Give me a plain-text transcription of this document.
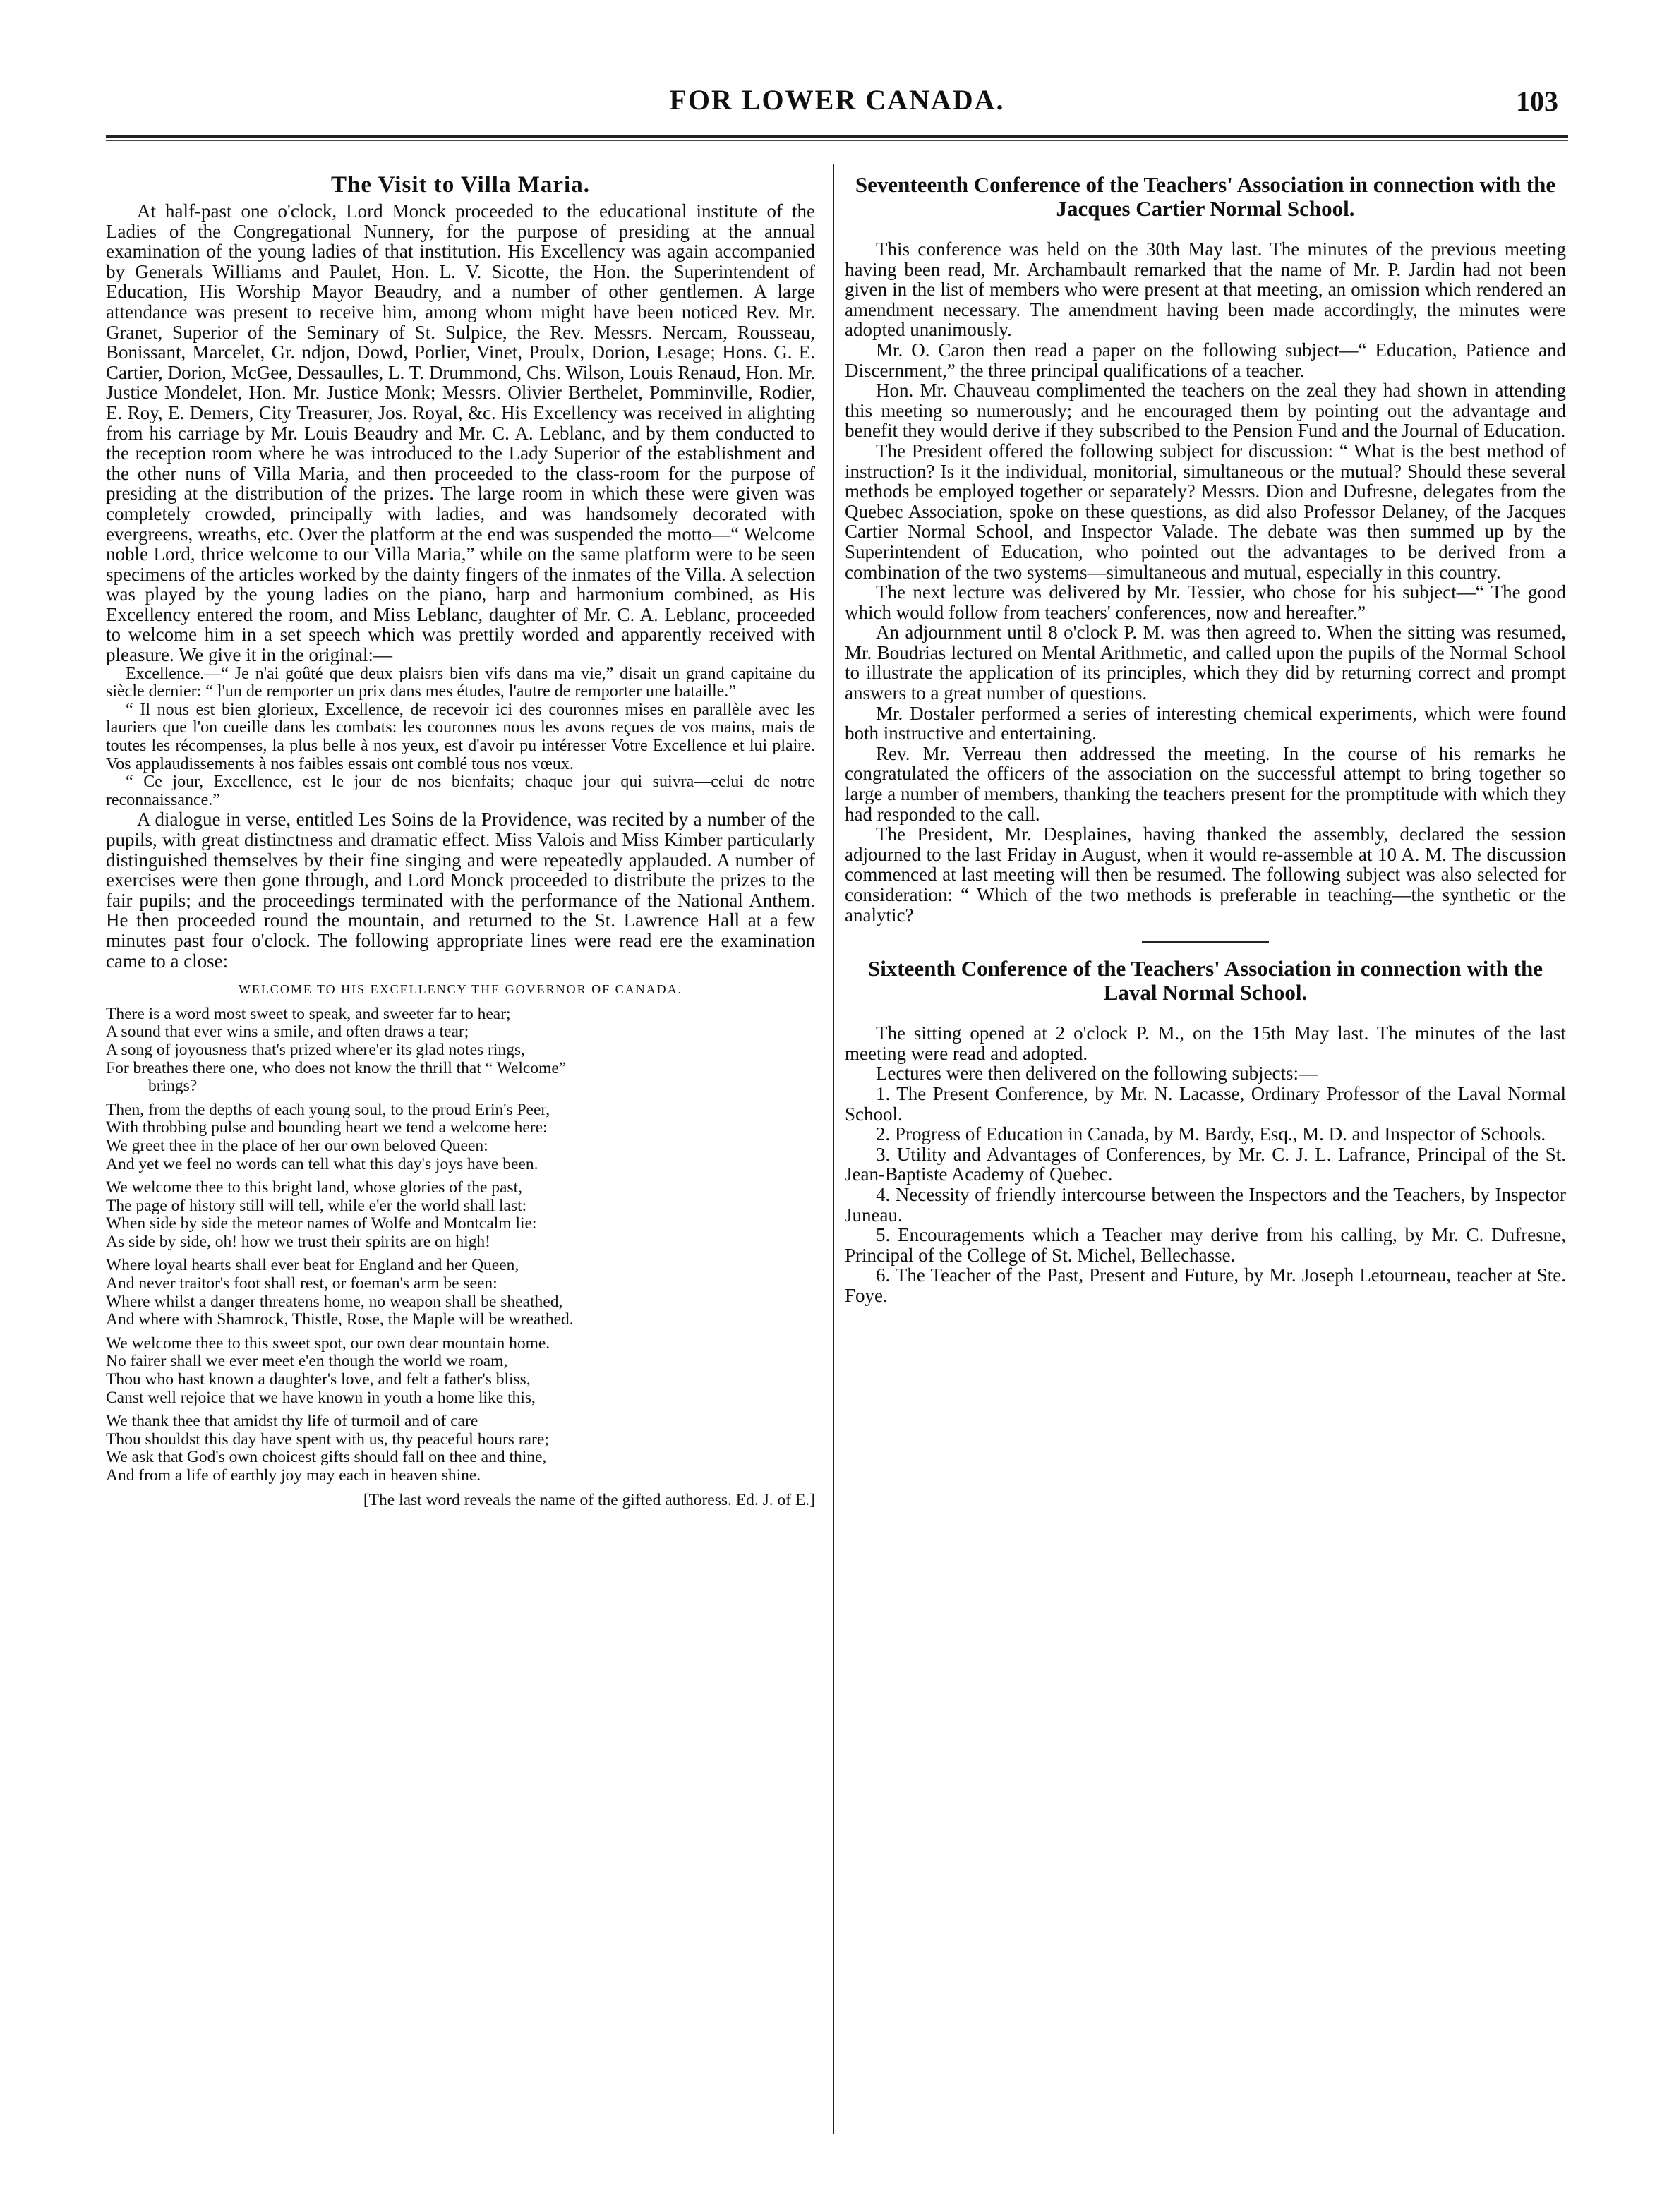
FOR LOWER CANADA.	103
The Visit to Villa Maria.

At half-past one o'clock, Lord Monck proceeded to the educational institute of the Ladies of the Congregational Nunnery, for the purpose of presiding at the annual examination of the young ladies of that institution. His Excellency was again accompanied by Generals Williams and Paulet, Hon. L. V. Sicotte, the Hon. the Superintendent of Education, His Worship Mayor Beaudry, and a number of other gentlemen. A large attendance was present to receive him, among whom might have been noticed Rev. Mr. Granet, Superior of the Seminary of St. Sulpice, the Rev. Messrs. Nercam, Rousseau, Bonissant, Marcelet, Gr. ndjon, Dowd, Porlier, Vinet, Proulx, Dorion, Lesage; Hons. G. E. Cartier, Dorion, McGee, Dessaulles, L. T. Drummond, Chs. Wilson, Louis Renaud, Hon. Mr. Justice Mondelet, Hon. Mr. Justice Monk; Messrs. Olivier Berthelet, Pomminville, Rodier, E. Roy, E. Demers, City Treasurer, Jos. Royal, &c. His Excellency was received in alighting from his carriage by Mr. Louis Beaudry and Mr. C. A. Leblanc, and by them conducted to the reception room where he was introduced to the Lady Superior of the establishment and the other nuns of Villa Maria, and then proceeded to the class-room for the purpose of presiding at the distribution of the prizes. The large room in which these were given was completely crowded, principally with ladies, and was handsomely decorated with evergreens, wreaths, etc. Over the platform at the end was suspended the motto—“ Welcome noble Lord, thrice welcome to our Villa Maria,” while on the same platform were to be seen specimens of the articles worked by the dainty fingers of the inmates of the Villa. A selection was played by the young ladies on the piano, harp and harmonium combined, as His Excellency entered the room, and Miss Leblanc, daughter of Mr. C. A. Leblanc, proceeded to welcome him in a set speech which was prettily worded and apparently received with pleasure. We give it in the original:—

Excellence.—“ Je n'ai goûté que deux plaisrs bien vifs dans ma vie,” disait un grand capitaine du siècle dernier: “ l'un de remporter un prix dans mes études, l'autre de remporter une bataille.”

“ Il nous est bien glorieux, Excellence, de recevoir ici des couronnes mises en parallèle avec les lauriers que l'on cueille dans les combats: les couronnes nous les avons reçues de vos mains, mais de toutes les récompenses, la plus belle à nos yeux, est d'avoir pu intéresser Votre Excellence et lui plaire. Vos applaudissements à nos faibles essais ont comblé tous nos vœux.

“ Ce jour, Excellence, est le jour de nos bienfaits; chaque jour qui suivra—celui de notre reconnaissance.”

A dialogue in verse, entitled Les Soins de la Providence, was recited by a number of the pupils, with great distinctness and dramatic effect. Miss Valois and Miss Kimber particularly distinguished themselves by their fine singing and were repeatedly applauded. A number of exercises were then gone through, and Lord Monck proceeded to distribute the prizes to the fair pupils; and the proceedings terminated with the performance of the National Anthem. He then proceeded round the mountain, and returned to the St. Lawrence Hall at a few minutes past four o'clock. The following appropriate lines were read ere the examination came to a close:

WELCOME TO HIS EXCELLENCY THE GOVERNOR OF CANADA.
There is a word most sweet to speak, and sweeter far to hear;
A sound that ever wins a smile, and often draws a tear;
A song of joyousness that's prized where'er its glad notes rings,
For breathes there one, who does not know the thrill that “ Welcome”
brings?
Then, from the depths of each young soul, to the proud Erin's Peer,
With throbbing pulse and bounding heart we tend a welcome here:
We greet thee in the place of her our own beloved Queen:
And yet we feel no words can tell what this day's joys have been.
We welcome thee to this bright land, whose glories of the past,
The page of history still will tell, while e'er the world shall last:
When side by side the meteor names of Wolfe and Montcalm lie:
As side by side, oh! how we trust their spirits are on high!
Where loyal hearts shall ever beat for England and her Queen,
And never traitor's foot shall rest, or foeman's arm be seen:
Where whilst a danger threatens home, no weapon shall be sheathed,
And where with Shamrock, Thistle, Rose, the Maple will be wreathed.
We welcome thee to this sweet spot, our own dear mountain home.
No fairer shall we ever meet e'en though the world we roam,
Thou who hast known a daughter's love, and felt a father's bliss,
Canst well rejoice that we have known in youth a home like this,
We thank thee that amidst thy life of turmoil and of care
Thou shouldst this day have spent with us, thy peaceful hours rare;
We ask that God's own choicest gifts should fall on thee and thine,
And from a life of earthly joy may each in heaven shine.
[The last word reveals the name of the gifted authoress. Ed. J. of E.]
Seventeenth Conference of the Teachers' Association in connection with the Jacques Cartier Normal School.

This conference was held on the 30th May last. The minutes of the previous meeting having been read, Mr. Archambault remarked that the name of Mr. P. Jardin had not been given in the list of members who were present at that meeting, an omission which rendered an amendment necessary. The amendment having been made accordingly, the minutes were adopted unanimously.

Mr. O. Caron then read a paper on the following subject—“ Education, Patience and Discernment,” the three principal qualifications of a teacher.

Hon. Mr. Chauveau complimented the teachers on the zeal they had shown in attending this meeting so numerously; and he encouraged them by pointing out the advantage and benefit they would derive if they subscribed to the Pension Fund and the Journal of Education.

The President offered the following subject for discussion: “ What is the best method of instruction? Is it the individual, monitorial, simultaneous or the mutual? Should these several methods be employed together or separately? Messrs. Dion and Dufresne, delegates from the Quebec Association, spoke on these questions, as did also Professor Delaney, of the Jacques Cartier Normal School, and Inspector Valade. The debate was then summed up by the Superintendent of Education, who pointed out the advantages to be derived from a combination of the two systems—simultaneous and mutual, especially in this country.

The next lecture was delivered by Mr. Tessier, who chose for his subject—“ The good which would follow from teachers' conferences, now and hereafter.”

An adjournment until 8 o'clock P. M. was then agreed to. When the sitting was resumed, Mr. Boudrias lectured on Mental Arithmetic, and called upon the pupils of the Normal School to illustrate the application of its principles, which they did by returning correct and prompt answers to a great number of questions.

Mr. Dostaler performed a series of interesting chemical experiments, which were found both instructive and entertaining.

Rev. Mr. Verreau then addressed the meeting. In the course of his remarks he congratulated the officers of the association on the successful attempt to bring together so large a number of members, thanking the teachers present for the promptitude with which they had responded to the call.

The President, Mr. Desplaines, having thanked the assembly, declared the session adjourned to the last Friday in August, when it would re-assemble at 10 A. M. The discussion commenced at last meeting will then be resumed. The following subject was also selected for consideration: “ Which of the two methods is preferable in teaching—the synthetic or the analytic?

Sixteenth Conference of the Teachers' Association in connection with the Laval Normal School.

The sitting opened at 2 o'clock P. M., on the 15th May last. The minutes of the last meeting were read and adopted.

Lectures were then delivered on the following subjects:—

1. The Present Conference, by Mr. N. Lacasse, Ordinary Professor of the Laval Normal School.

2. Progress of Education in Canada, by M. Bardy, Esq., M. D. and Inspector of Schools.

3. Utility and Advantages of Conferences, by Mr. C. J. L. Lafrance, Principal of the St. Jean-Baptiste Academy of Quebec.

4. Necessity of friendly intercourse between the Inspectors and the Teachers, by Inspector Juneau.

5. Encouragements which a Teacher may derive from his calling, by Mr. C. Dufresne, Principal of the College of St. Michel, Bellechasse.

6. The Teacher of the Past, Present and Future, by Mr. Joseph Letourneau, teacher at Ste. Foye.
